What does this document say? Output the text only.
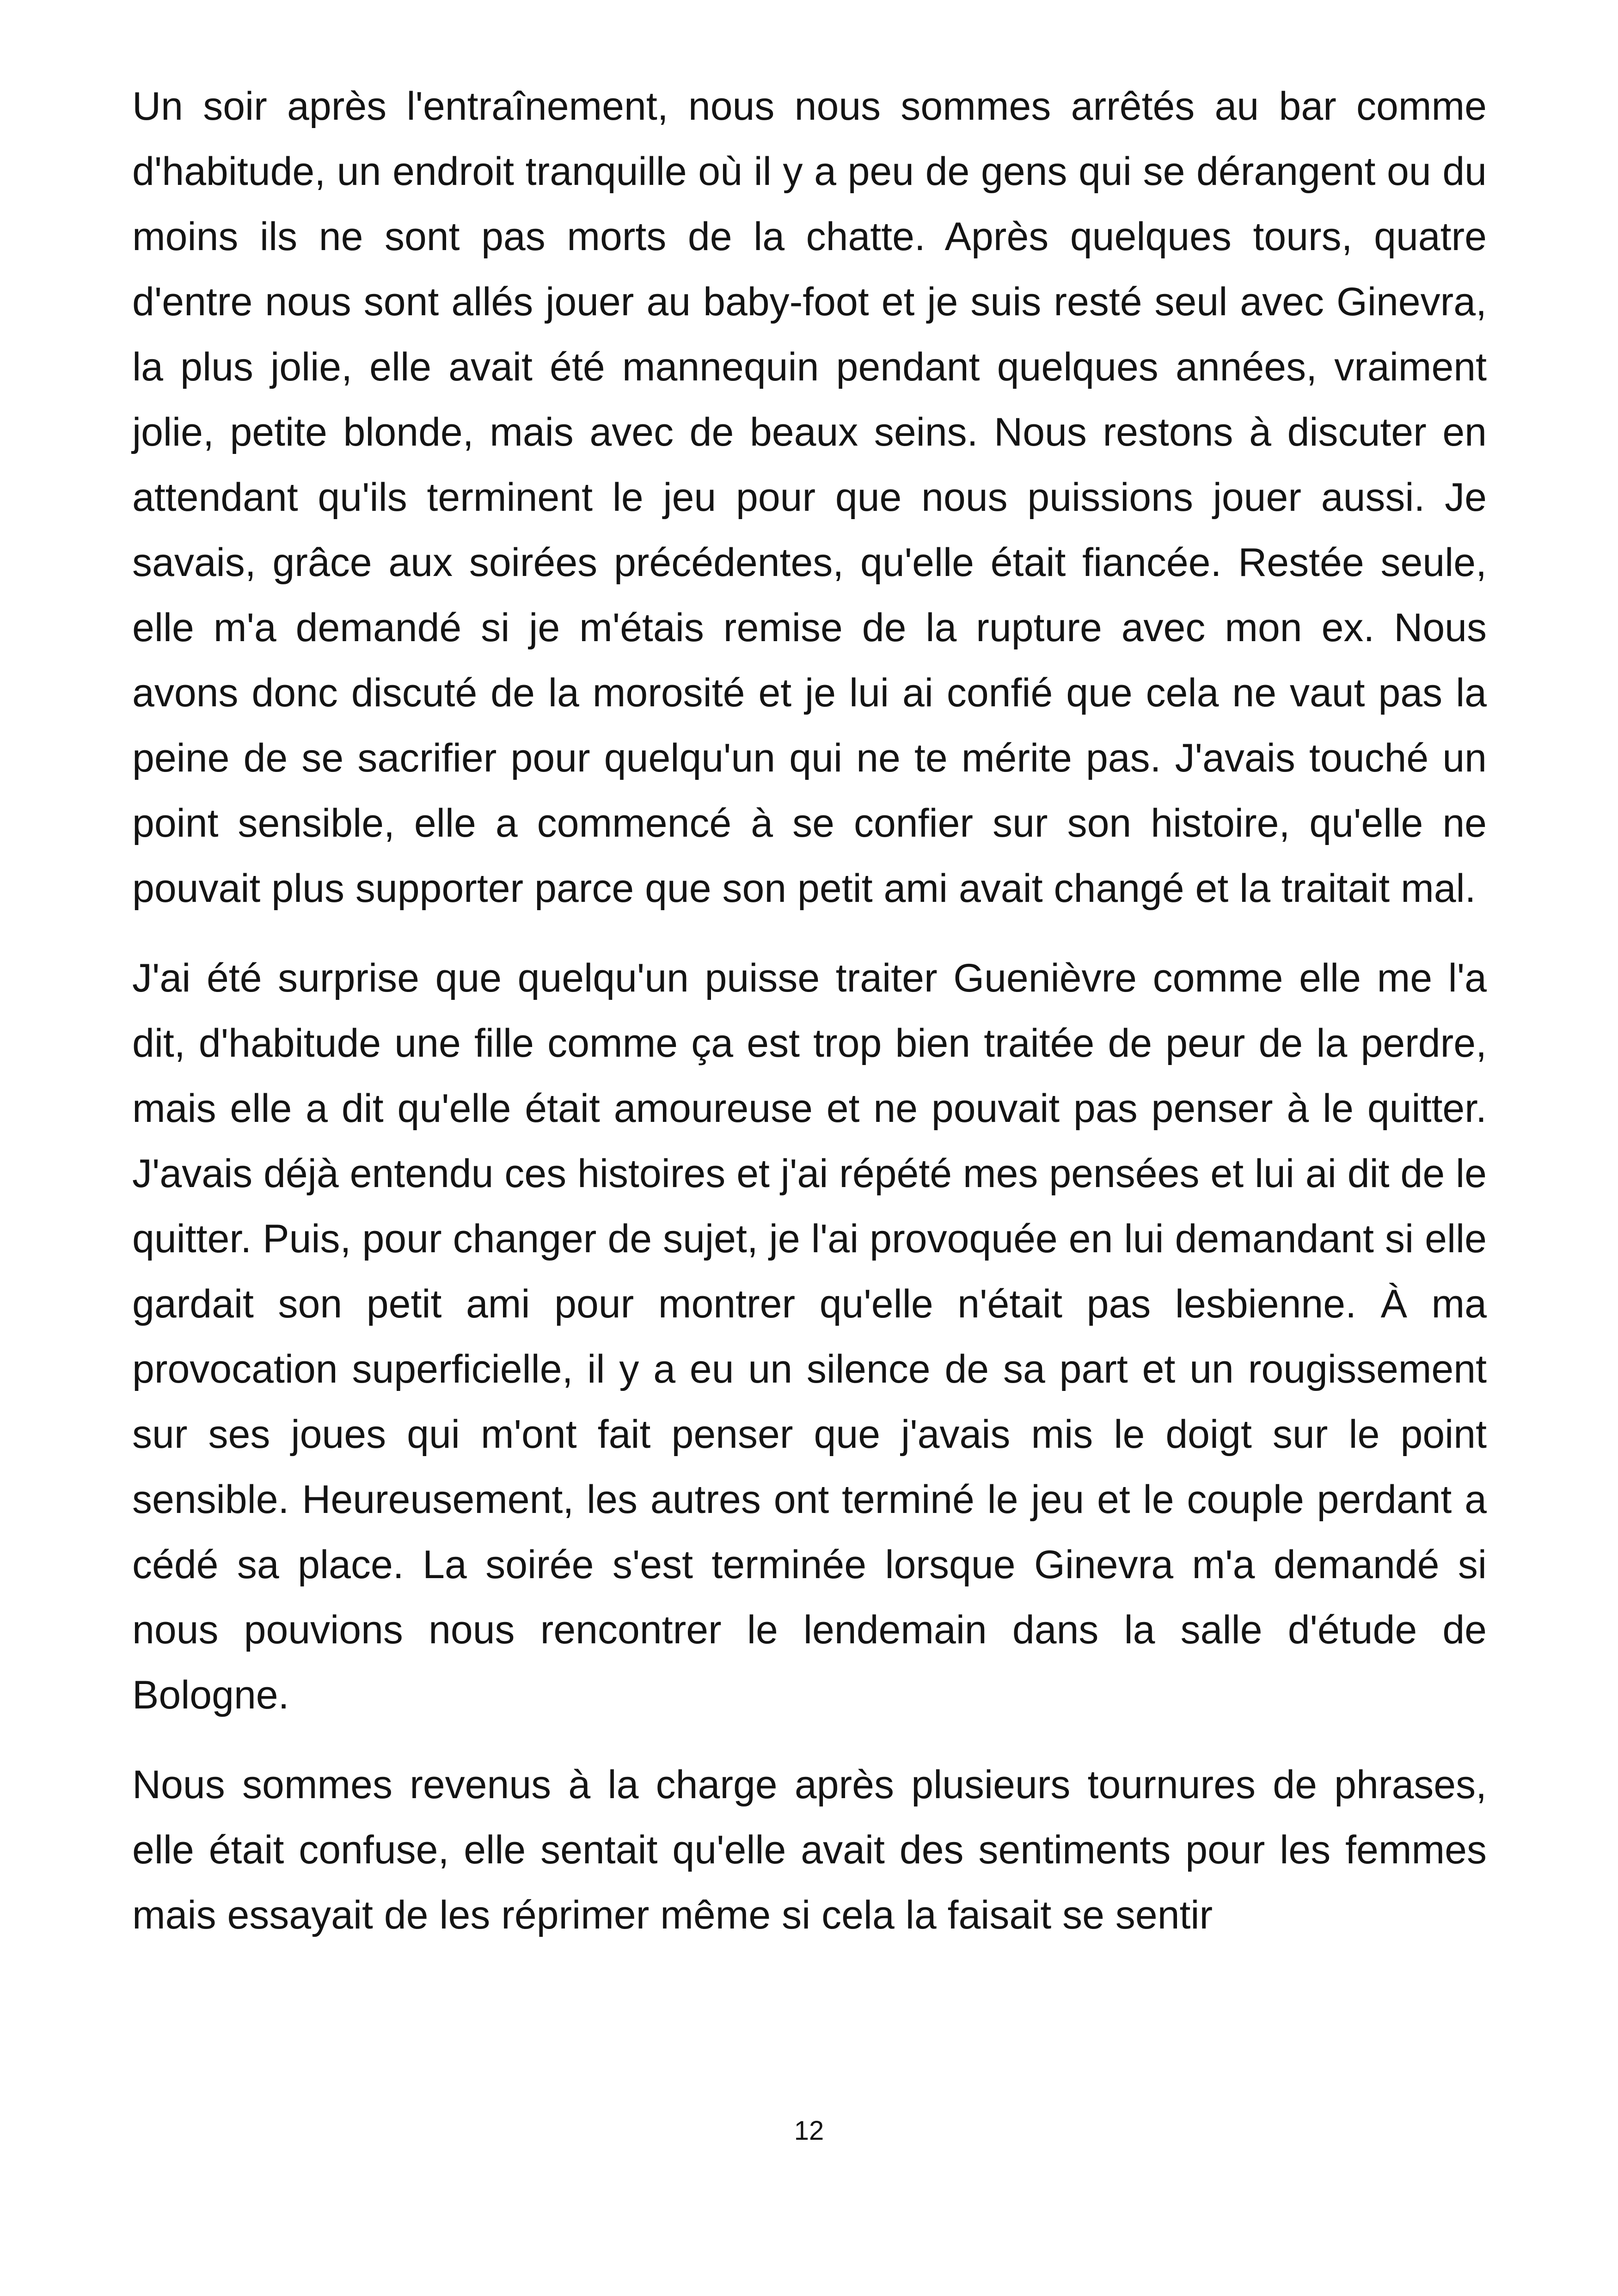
Un soir après l'entraînement, nous nous sommes arrêtés au bar comme d'habitude, un endroit tranquille où il y a peu de gens qui se dérangent ou du moins ils ne sont pas morts de la chatte. Après quelques tours, quatre d'entre nous sont allés jouer au baby-foot et je suis resté seul avec Ginevra, la plus jolie, elle avait été mannequin pendant quelques années, vraiment jolie, petite blonde, mais avec de beaux seins. Nous restons à discuter en attendant qu'ils terminent le jeu pour que nous puissions jouer aussi. Je savais, grâce aux soirées précédentes, qu'elle était fiancée. Restée seule, elle m'a demandé si je m'étais remise de la rupture avec mon ex. Nous avons donc discuté de la morosité et je lui ai confié que cela ne vaut pas la peine de se sacrifier pour quelqu'un qui ne te mérite pas. J'avais touché un point sensible, elle a commencé à se confier sur son histoire, qu'elle ne pouvait plus supporter parce que son petit ami avait changé et la traitait mal.

J'ai été surprise que quelqu'un puisse traiter Guenièvre comme elle me l'a dit, d'habitude une fille comme ça est trop bien traitée de peur de la perdre, mais elle a dit qu'elle était amoureuse et ne pouvait pas penser à le quitter. J'avais déjà entendu ces histoires et j'ai répété mes pensées et lui ai dit de le quitter. Puis, pour changer de sujet, je l'ai provoquée en lui demandant si elle gardait son petit ami pour montrer qu'elle n'était pas lesbienne. À ma provocation superficielle, il y a eu un silence de sa part et un rougissement sur ses joues qui m'ont fait penser que j'avais mis le doigt sur le point sensible. Heureusement, les autres ont terminé le jeu et le couple perdant a cédé sa place. La soirée s'est terminée lorsque Ginevra m'a demandé si nous pouvions nous rencontrer le lendemain dans la salle d'étude de Bologne.

Nous sommes revenus à la charge après plusieurs tournures de phrases, elle était confuse, elle sentait qu'elle avait des sentiments pour les femmes mais essayait de les réprimer même si cela la faisait se sentir

12
